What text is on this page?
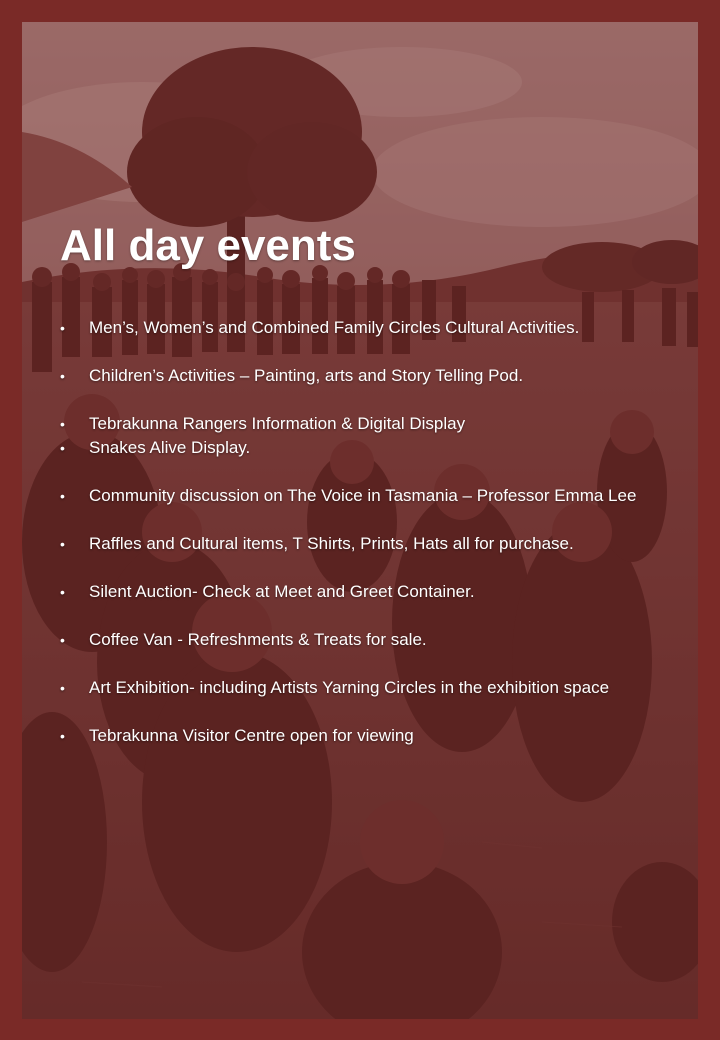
All day events
•	Men’s, Women’s and Combined Family Circles Cultural Activities.
•	Children’s Activities – Painting, arts and Story Telling Pod.
•	Tebrakunna Rangers Information & Digital Display
•	Snakes Alive Display.
•	Community discussion on The Voice in Tasmania – Professor Emma Lee
•	Raffles and Cultural items, T Shirts, Prints, Hats all for purchase.
•	Silent Auction- Check at Meet and Greet Container.
•	Coffee Van - Refreshments & Treats for sale.
•	Art Exhibition- including Artists Yarning Circles in the exhibition space
•	Tebrakunna Visitor Centre open for viewing
